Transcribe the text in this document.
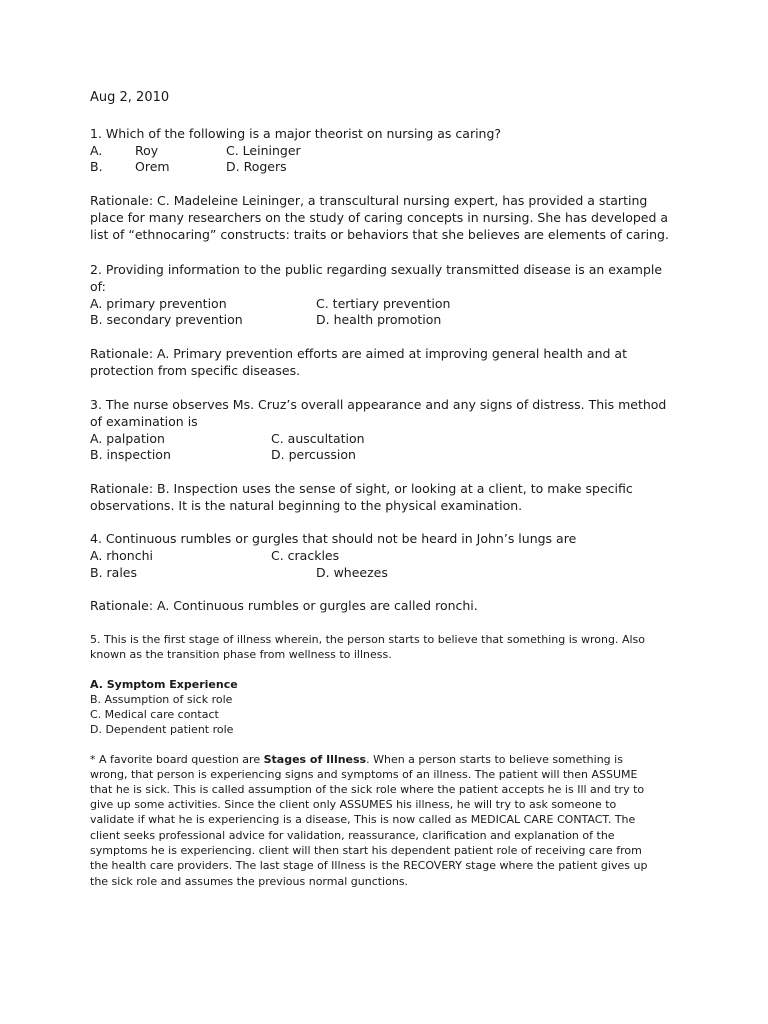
Aug 2, 2010
1. Which of the following is a major theorist on nursing as caring?
A.	Roy	C. Leininger
B.	Orem	D. Rogers
Rationale: C. Madeleine Leininger, a transcultural nursing expert, has provided a starting
place for many researchers on the study of caring concepts in nursing. She has developed a
list of “ethnocaring” constructs: traits or behaviors that she believes are elements of caring.
2. Providing information to the public regarding sexually transmitted disease is an example
of:
A. primary prevention	C. tertiary prevention
B. secondary prevention	D. health promotion
Rationale: A. Primary prevention efforts are aimed at improving general health and at
protection from specific diseases.
3. The nurse observes Ms. Cruz’s overall appearance and any signs of distress. This method
of examination is
A. palpation	C. auscultation
B. inspection	D. percussion
Rationale: B. Inspection uses the sense of sight, or looking at a client, to make specific
observations. It is the natural beginning to the physical examination.
4. Continuous rumbles or gurgles that should not be heard in John’s lungs are
A. rhonchi	C. crackles
B. rales	D. wheezes
Rationale: A. Continuous rumbles or gurgles are called ronchi.
5. This is the first stage of illness wherein, the person starts to believe that something is wrong. Also
known as the transition phase from wellness to illness.
A. Symptom Experience
B. Assumption of sick role
C. Medical care contact
D. Dependent patient role
* A favorite board question are Stages of Illness. When a person starts to believe something is
wrong, that person is experiencing signs and symptoms of an illness. The patient will then ASSUME
that he is sick. This is called assumption of the sick role where the patient accepts he is Ill and try to
give up some activities. Since the client only ASSUMES his illness, he will try to ask someone to
validate if what he is experiencing is a disease, This is now called as MEDICAL CARE CONTACT. The
client seeks professional advice for validation, reassurance, clarification and explanation of the
symptoms he is experiencing. client will then start his dependent patient role of receiving care from
the health care providers. The last stage of Illness is the RECOVERY stage where the patient gives up
the sick role and assumes the previous normal gunctions.
